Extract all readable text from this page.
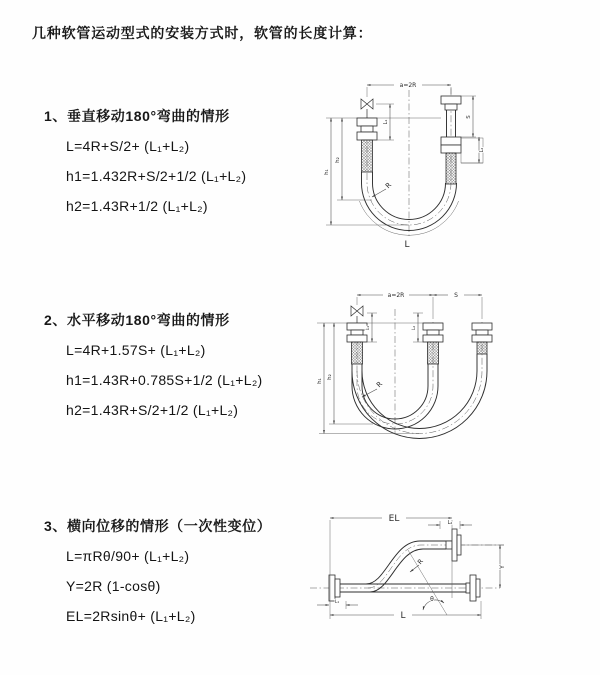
几种软管运动型式的安装方式时，软管的长度计算：
1、垂直移动180°弯曲的情形
L=4R+S/2+ (L₁+L₂)
h1=1.432R+S/2+1/2 (L₁+L₂)
h2=1.43R+1/2 (L₁+L₂)
2、水平移动180°弯曲的情形
L=4R+1.57S+ (L₁+L₂)
h1=1.43R+0.785S+1/2 (L₁+L₂)
h2=1.43R+S/2+1/2 (L₁+L₂)
3、横向位移的情形（一次性变位）
L=πRθ/90+ (L₁+L₂)
Y=2R (1-cosθ)
EL=2Rsinθ+ (L₁+L₂)
a=2R
h₁
h₂
L₁
S
L₂
R
L
a=2R	S
h₁
h₂
L₁	L₂
R
θ
EL	L₂
Y
L
L₁
R
